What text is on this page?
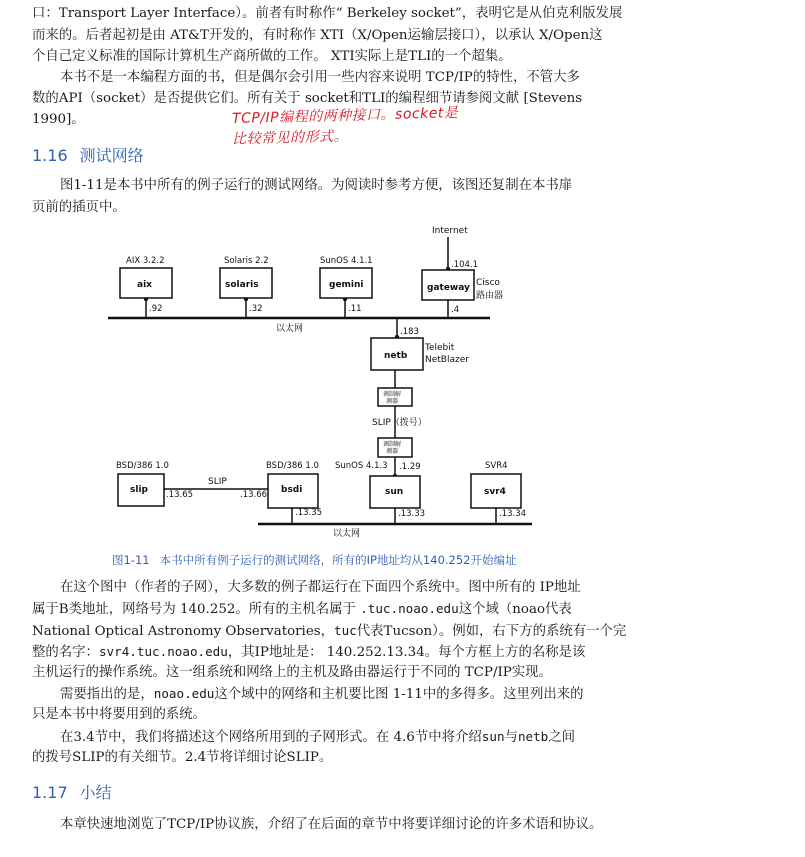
口：Transport Layer Interface）。前者有时称作“ Berkeley socket”，表明它是从伯克利版发展
而来的。后者起初是由 AT&T开发的，有时称作 XTI（X/Open运输层接口），以承认 X/Open这
个自己定义标准的国际计算机生产商所做的工作。 XTI实际上是TLI的一个超集。
本书不是一本编程方面的书，但是偶尔会引用一些内容来说明 TCP/IP的特性，不管大多
数的API（socket）是否提供它们。所有关于 socket和TLI的编程细节请参阅文献 [Stevens
1990]。	TCP/IP编程的两种接口。socket是
比较常见的形式。
1.16 测试网络
图1-11是本书中所有的例子运行的测试网络。为阅读时参考方便，该图还复制在本书扉
页前的插页中。
Internet
.104.1
Cisco
路由器
AIX 3.2.2	Solaris 2.2	SunOS 4.1.1
aix	solaris	gemini	gateway
.92	.32	.11	.4
以太网	.183
netb
Telebit
NetBlazer
调制解
调器
SLIP（拨号）
调制解
调器
BSD/386 1.0
slip .13.65
SLIP
BSD/386 1.0
bsdi
.13.66
.13.35
SunOS 4.1.3 .1.29
sun
.13.33
SVR4
svr4
.13.34
以太网
图1-11 本书中所有例子运行的测试网络，所有的IP地址均从140.252开始编址
在这个图中（作者的子网），大多数的例子都运行在下面四个系统中。图中所有的 IP地址
属于B类地址，网络号为 140.252。所有的主机名属于 .tuc.noao.edu这个域（noao代表
National Optical Astronomy Observatories，tuc代表Tucson）。例如，右下方的系统有一个完
整的名字：svr4.tuc.noao.edu，其IP地址是： 140.252.13.34。每个方框上方的名称是该
主机运行的操作系统。这一组系统和网络上的主机及路由器运行于不同的 TCP/IP实现。
需要指出的是，noao.edu这个域中的网络和主机要比图 1-11中的多得多。这里列出来的
只是本书中将要用到的系统。
在3.4节中，我们将描述这个网络所用到的子网形式。在 4.6节中将介绍sun与netb之间
的拨号SLIP的有关细节。2.4节将详细讨论SLIP。
1.17 小结
本章快速地浏览了TCP/IP协议族，介绍了在后面的章节中将要详细讨论的许多术语和协议。
